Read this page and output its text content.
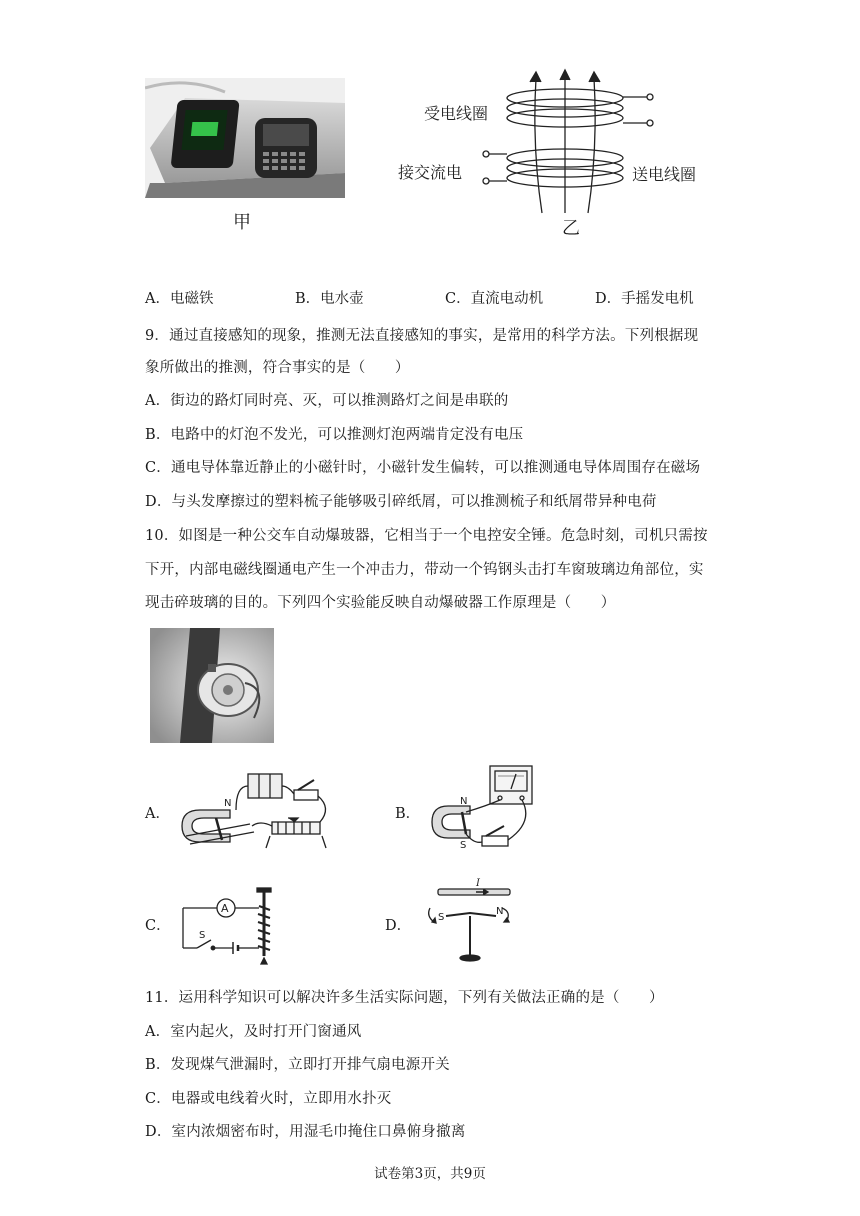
甲
受电线圈
接交流电	送电线圈
乙
A．电磁铁	B．电水壶	C．直流电动机	D．手摇发电机
9．通过直接感知的现象，推测无法直接感知的事实，是常用的科学方法。下列根据现
象所做出的推测，符合事实的是（　　）
A．街边的路灯同时亮、灭，可以推测路灯之间是串联的
B．电路中的灯泡不发光，可以推测灯泡两端肯定没有电压
C．通电导体靠近静止的小磁针时，小磁针发生偏转，可以推测通电导体周围存在磁场
D．与头发摩擦过的塑料梳子能够吸引碎纸屑，可以推测梳子和纸屑带异种电荷
10．如图是一种公交车自动爆玻器，它相当于一个电控安全锤。危急时刻，司机只需按
下开，内部电磁线圈通电产生一个冲击力，带动一个钨钢头击打车窗玻璃边角部位，实
现击碎玻璃的目的。下列四个实验能反映自动爆破器工作原理是（　　）
A．
N
B．
N
S
C．
A
S
D．
I
S
N
11．运用科学知识可以解决许多生活实际问题，下列有关做法正确的是（　　）
A．室内起火，及时打开门窗通风
B．发现煤气泄漏时，立即打开排气扇电源开关
C．电器或电线着火时，立即用水扑灭
D．室内浓烟密布时，用湿毛巾掩住口鼻俯身撤离
试卷第3页，共9页
